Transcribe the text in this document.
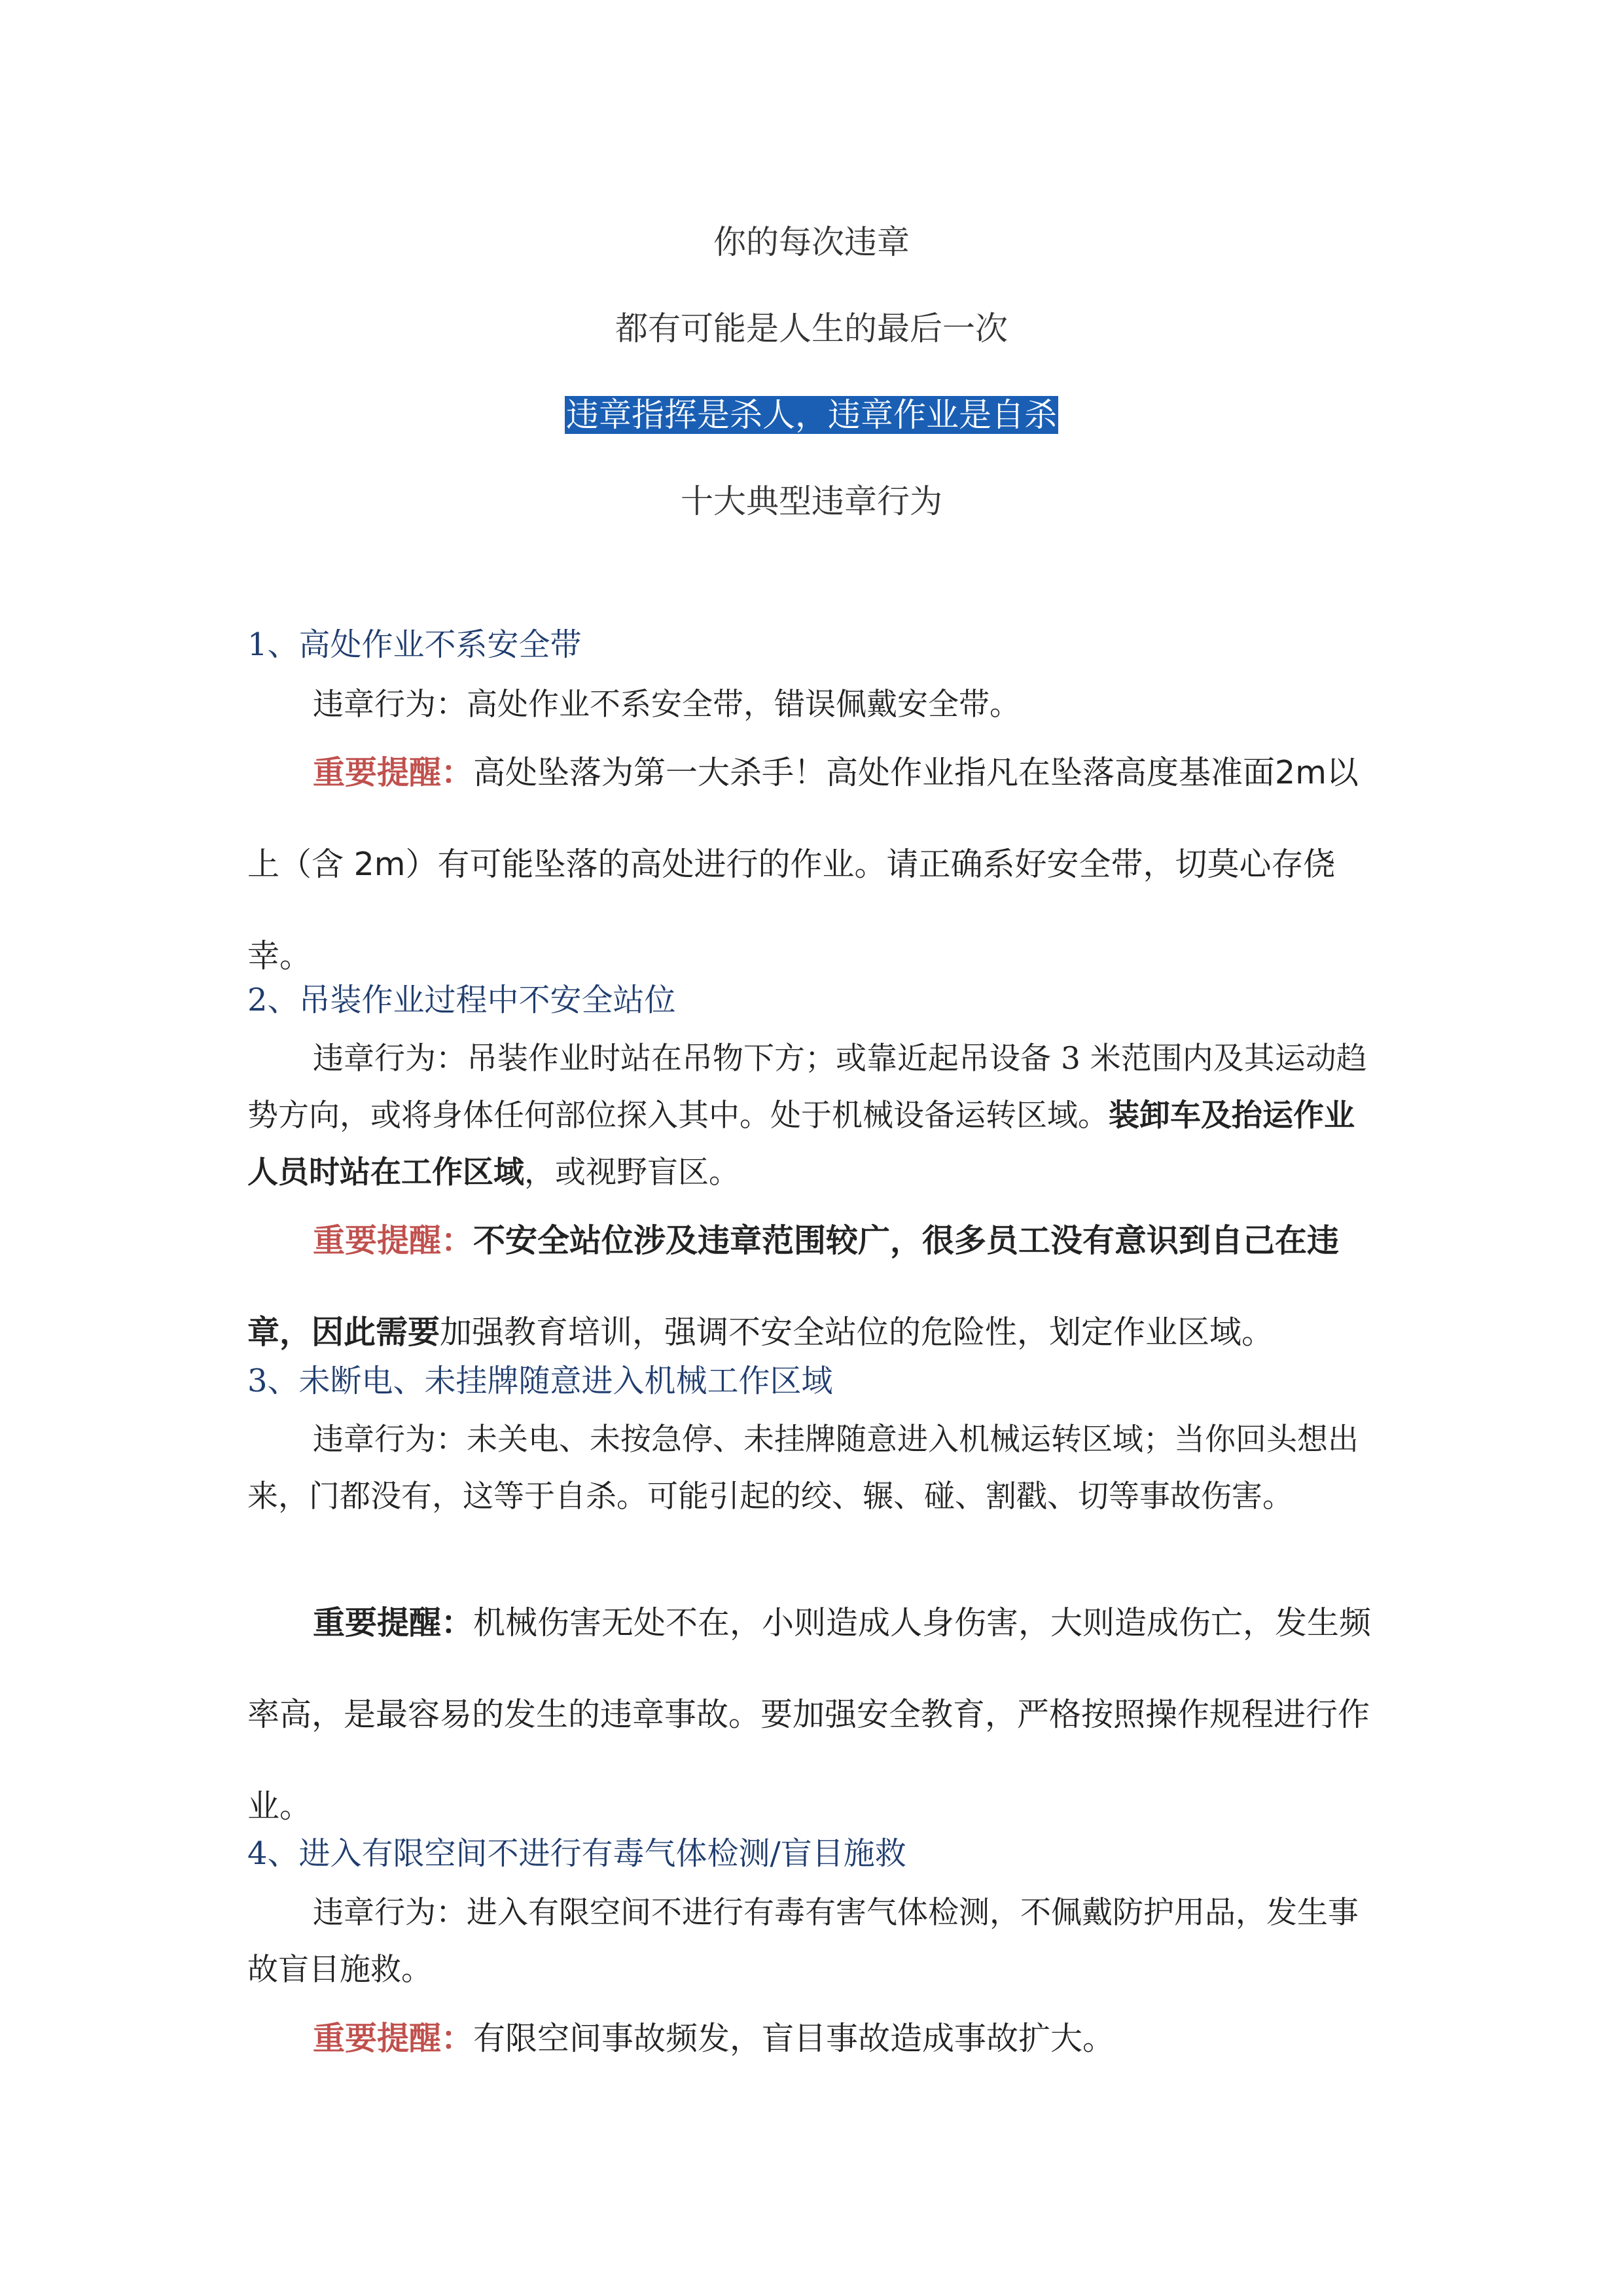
你的每次违章
都有可能是人生的最后一次
违章指挥是杀人，违章作业是自杀
十大典型违章行为
1、高处作业不系安全带
违章行为：高处作业不系安全带，错误佩戴安全带。
重要提醒：高处坠落为第一大杀手！高处作业指凡在坠落高度基准面2m以上（含 2m）有可能坠落的高处进行的作业。请正确系好安全带，切莫心存侥幸。
2、吊装作业过程中不安全站位
违章行为：吊装作业时站在吊物下方；或靠近起吊设备 3 米范围内及其运动趋势方向，或将身体任何部位探入其中。处于机械设备运转区域。装卸车及抬运作业人员时站在工作区域，或视野盲区。
重要提醒：不安全站位涉及违章范围较广，很多员工没有意识到自己在违章，因此需要加强教育培训，强调不安全站位的危险性，划定作业区域。
3、未断电、未挂牌随意进入机械工作区域
违章行为：未关电、未按急停、未挂牌随意进入机械运转区域；当你回头想出来，门都没有，这等于自杀。可能引起的绞、辗、碰、割戳、切等事故伤害。
重要提醒：机械伤害无处不在，小则造成人身伤害，大则造成伤亡，发生频率高，是最容易的发生的违章事故。要加强安全教育，严格按照操作规程进行作业。
4、进入有限空间不进行有毒气体检测/盲目施救
违章行为：进入有限空间不进行有毒有害气体检测，不佩戴防护用品，发生事故盲目施救。
重要提醒：有限空间事故频发，盲目事故造成事故扩大。
